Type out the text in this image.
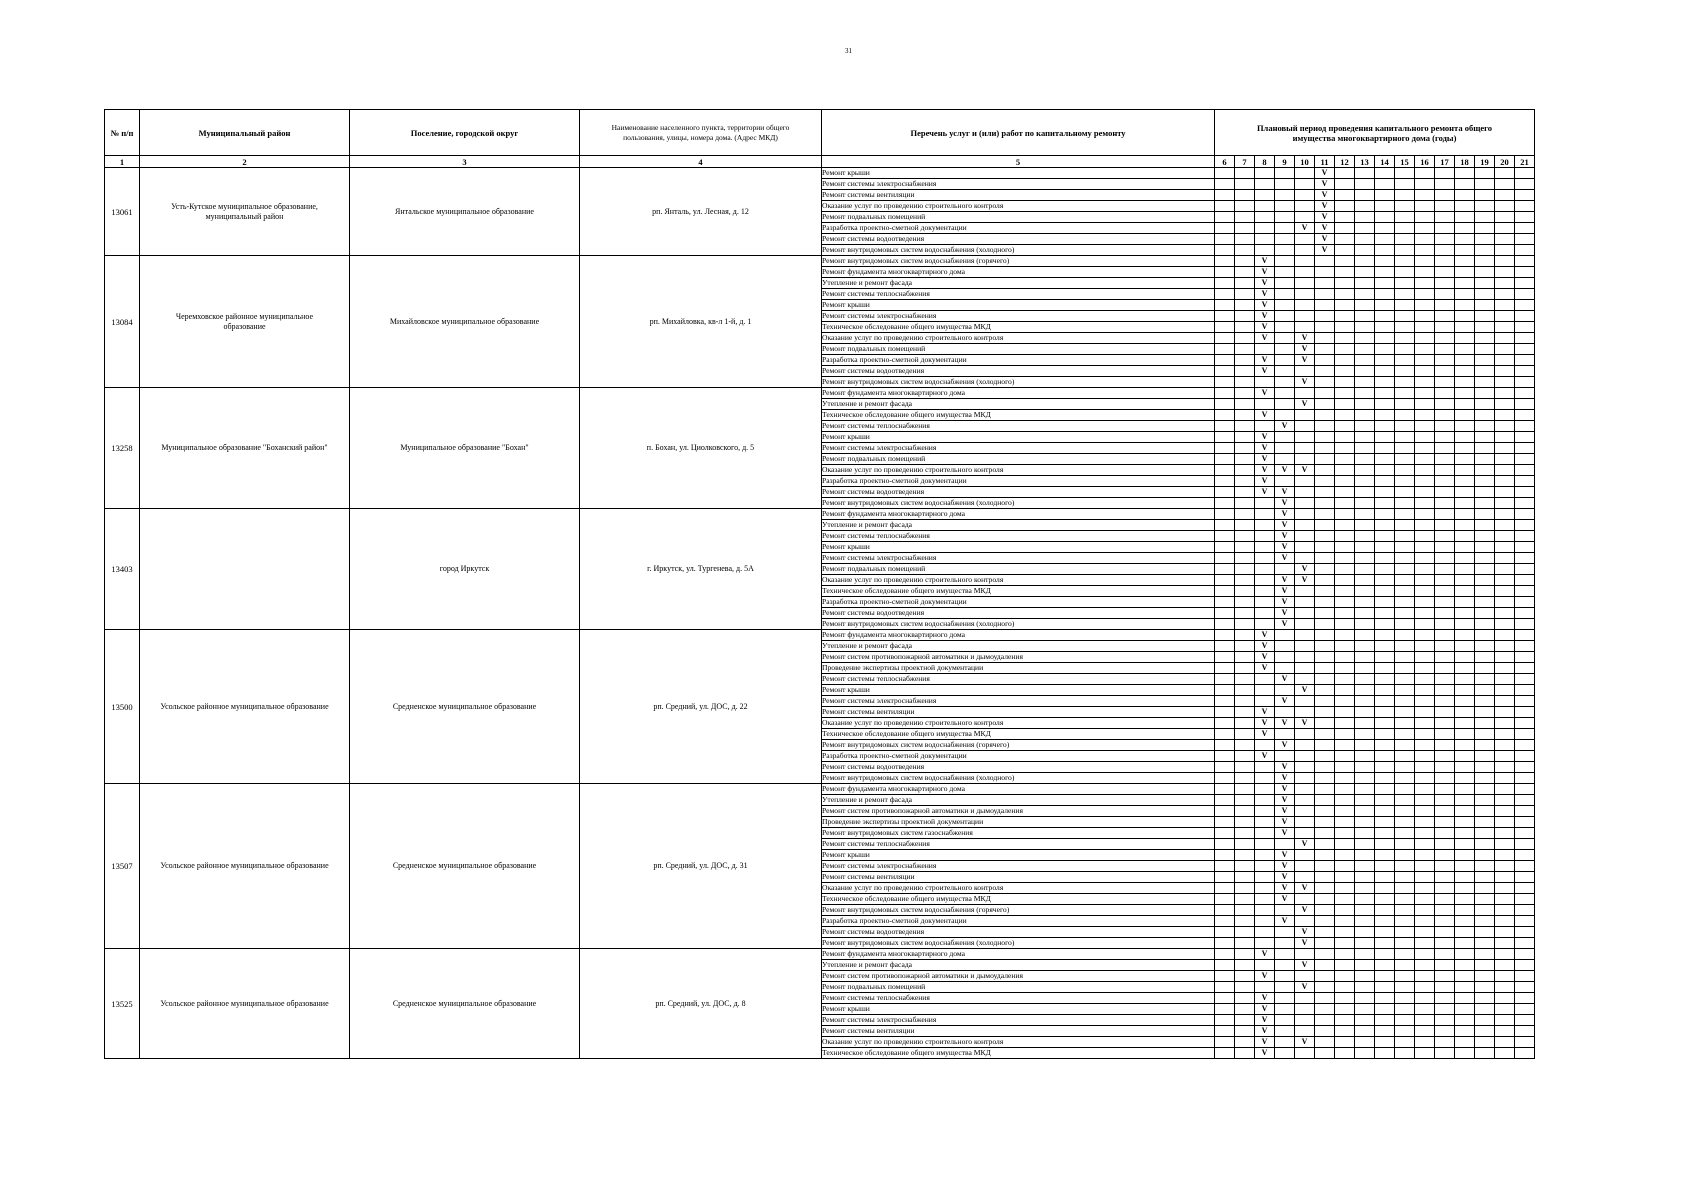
31
№ п/п	Муниципальный район	Поселение, городской округ	Наименование населенного пункта, территории общего пользования, улицы, номера дома. (Адрес МКД)	Перечень услуг и (или) работ по капитальному ремонту	Плановый период проведения капитального ремонта общего имущества многоквартирного дома (годы)															
1	2	3	4	5	6	7	8	9	10	11	12	13	14	15	16	17	18	19	20	21
13061	Усть-Кутское муниципальное образование, муниципальный район	Янтальское муниципальное образование	рп. Янталь, ул. Лесная, д. 12	Ремонт крыши						V										
				Ремонт системы электроснабжения						V										
				Ремонт системы вентиляции						V										
				Оказание услуг по проведению строительного контроля						V										
				Ремонт подвальных помещений						V										
				Разработка проектно-сметной документации					V	V										
				Ремонт системы водоотведения						V										
				Ремонт внутридомовых систем водоснабжения (холодного)						V										
13084	Черемховское районное муниципальное образование	Михайловское муниципальное образование	рп. Михайловка, кв-л 1-й, д. 1	Ремонт внутридомовых систем водоснабжения (горячего)			V													
				Ремонт фундамента многоквартирного дома			V													
				Утепление и ремонт фасада			V													
				Ремонт системы теплоснабжения			V													
				Ремонт крыши			V													
				Ремонт системы электроснабжения			V													
				Техническое обследование общего имущества МКД			V													
				Оказание услуг по проведению строительного контроля			V		V											
				Ремонт подвальных помещений					V											
				Разработка проектно-сметной документации			V		V											
				Ремонт системы водоотведения			V													
				Ремонт внутридомовых систем водоснабжения (холодного)					V											
13258	Муниципальное образование "Боханский район"	Муниципальное образование "Бохан"	п. Бохан, ул. Циолковского, д. 5	Ремонт фундамента многоквартирного дома			V													
				Утепление и ремонт фасада					V											
				Техническое обследование общего имущества МКД			V													
				Ремонт системы теплоснабжения				V												
				Ремонт крыши			V													
				Ремонт системы электроснабжения			V													
				Ремонт подвальных помещений			V													
				Оказание услуг по проведению строительного контроля			V	V	V											
				Разработка проектно-сметной документации			V													
				Ремонт системы водоотведения			V	V												
				Ремонт внутридомовых систем водоснабжения (холодного)				V												
13403		город Иркутск	г. Иркутск, ул. Тургенева, д. 5А	Ремонт фундамента многоквартирного дома				V												
				Утепление и ремонт фасада				V												
				Ремонт системы теплоснабжения				V												
				Ремонт крыши				V												
				Ремонт системы электроснабжения				V												
				Ремонт подвальных помещений					V											
				Оказание услуг по проведению строительного контроля				V	V											
				Техническое обследование общего имущества МКД				V												
				Разработка проектно-сметной документации				V												
				Ремонт системы водоотведения				V												
				Ремонт внутридомовых систем водоснабжения (холодного)				V												
13500	Усольское районное муниципальное образование	Средненское муниципальное образование	рп. Средний, ул. ДОС, д. 22	Ремонт фундамента многоквартирного дома			V													
				Утепление и ремонт фасада			V													
				Ремонт систем противопожарной автоматики и дымоудаления			V													
				Проведение экспертизы проектной документации			V													
				Ремонт системы теплоснабжения				V												
				Ремонт крыши					V											
				Ремонт системы электроснабжения				V												
				Ремонт системы вентиляции			V													
				Оказание услуг по проведению строительного контроля			V	V	V											
				Техническое обследование общего имущества МКД			V													
				Ремонт внутридомовых систем водоснабжения (горячего)				V												
				Разработка проектно-сметной документации			V													
				Ремонт системы водоотведения				V												
				Ремонт внутридомовых систем водоснабжения (холодного)				V												
13507	Усольское районное муниципальное образование	Средненское муниципальное образование	рп. Средний, ул. ДОС, д. 31	Ремонт фундамента многоквартирного дома				V												
				Утепление и ремонт фасада				V												
				Ремонт систем противопожарной автоматики и дымоудаления				V												
				Проведение экспертизы проектной документации				V												
				Ремонт внутридомовых систем газоснабжения				V												
				Ремонт системы теплоснабжения					V											
				Ремонт крыши				V												
				Ремонт системы электроснабжения				V												
				Ремонт системы вентиляции				V												
				Оказание услуг по проведению строительного контроля				V	V											
				Техническое обследование общего имущества МКД				V												
				Ремонт внутридомовых систем водоснабжения (горячего)					V											
				Разработка проектно-сметной документации				V												
				Ремонт системы водоотведения					V											
				Ремонт внутридомовых систем водоснабжения (холодного)					V											
13525	Усольское районное муниципальное образование	Средненское муниципальное образование	рп. Средний, ул. ДОС, д. 8	Ремонт фундамента многоквартирного дома			V													
				Утепление и ремонт фасада					V											
				Ремонт систем противопожарной автоматики и дымоудаления			V													
				Ремонт подвальных помещений					V											
				Ремонт системы теплоснабжения			V													
				Ремонт крыши			V													
				Ремонт системы электроснабжения			V													
				Ремонт системы вентиляции			V													
				Оказание услуг по проведению строительного контроля			V		V											
				Техническое обследование общего имущества МКД			V													
